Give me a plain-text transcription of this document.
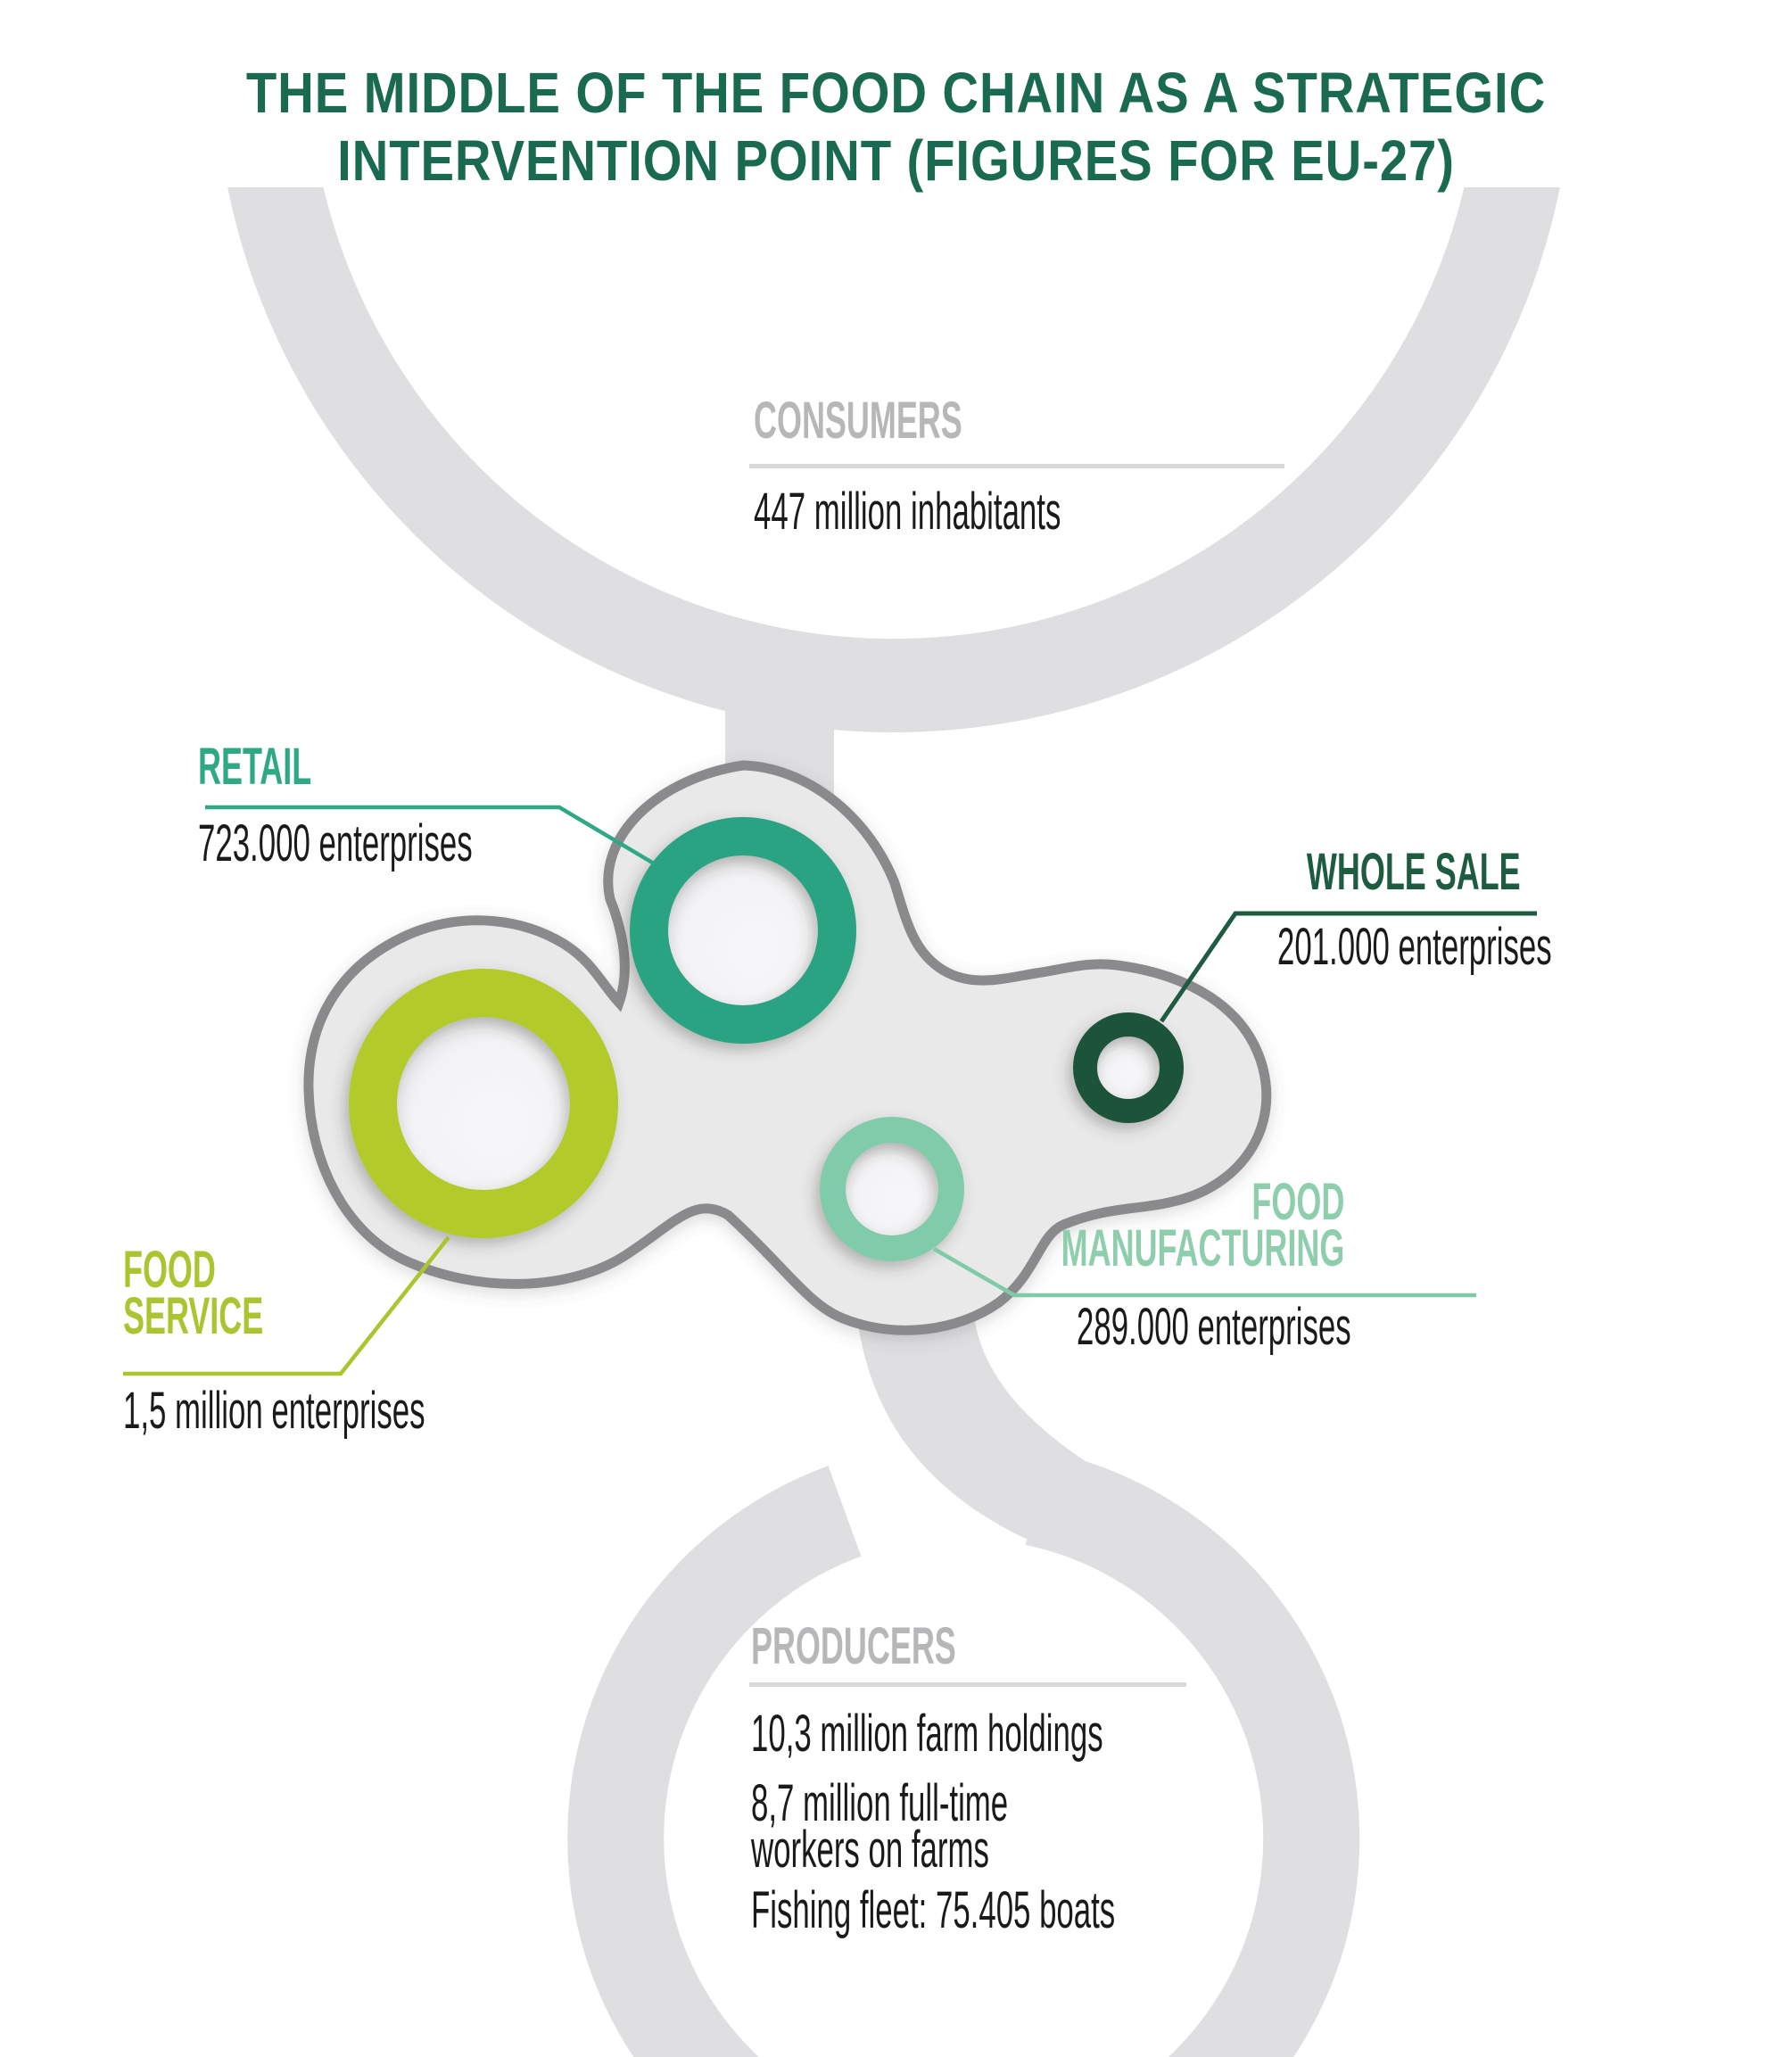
THE MIDDLE OF THE FOOD CHAIN AS A STRATEGIC
INTERVENTION POINT (FIGURES FOR EU-27)
CONSUMERS
447 million inhabitants
RETAIL
723.000 enterprises	WHOLE SALE
201.000 enterprises
FOOD
MANUFACTURING
289.000 enterprises
FOOD
SERVICE
1,5 million enterprises
PRODUCERS
10,3 million farm holdings
8,7 million full-time
workers on farms
Fishing fleet: 75.405 boats
